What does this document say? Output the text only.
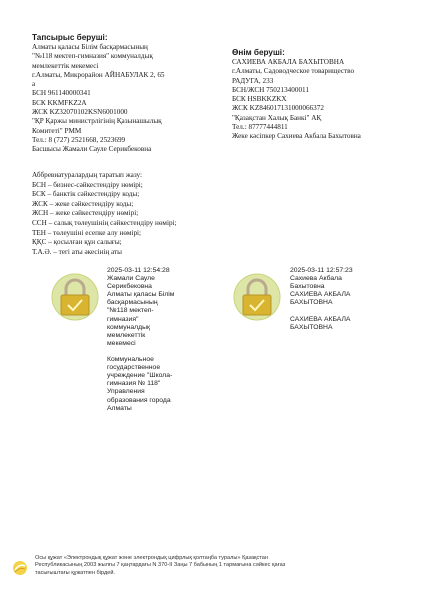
Тапсырыс беруші:
Алматы қаласы Білім басқармасының
"№118 мектеп-гимназия" коммуналдық
мемлекеттік мекемесі
г.Алматы, Микрорайон АЙНАБУЛАК 2, 65
а
БСН 961140000341
БСК KKMFKZ2A
ЖСК KZ32070102KSN6001000
"ҚР Қаржы министрлігінің Қазынашылық
Комитеті" РММ
Тел.: 8 (727) 2521668, 2523699
Басшысы Жамали Сауле Серикбековна
Өнім беруші:
САХИЕВА АКБАЛА БАХЫТОВНА
г.Алматы, Садоводческое товарищество
РАДУГА, 233
БСН/ЖСН 750213400011
БСК HSBKKZKX
ЖСК KZ846017131000066372
"Қазақстан Халық Банкі" АҚ
Тел.: 87777444811
Жеке кәсіпкер Сахиева Акбала Бахытовна
Аббревиатуралардың таратып жазу:
БСН – бизнес-сәйкестендіру нөмірі;
БСК – банктік сәйкестендіру коды;
ЖСК – жеке сәйкестендіру коды;
ЖСН – жеке сәйкестендіру нөмірі;
ССН – салық төлеушінің сәйкестендіру нөмірі;
ТЕН – төлеушіні есепке алу нөмірі;
ҚҚС – қосылған құн салығы;
Т.А.Ә. – тегі аты әкесінің аты
2025-03-11 12:54:28
Жамали Сауле
Серикбековна
Алматы қаласы Білім
басқармасының
"№118 мектеп-
гимназия"
коммуналдық
мемлекеттік
мекемесі

Коммунальное
государственное
учреждение "Школа-
гимназия № 118"
Управления
образования города
Алматы
2025-03-11 12:57:23
Сахиева Акбала
Бахытовна
САХИЕВА АКБАЛА
БАХЫТОВНА

САХИЕВА АКБАЛА
БАХЫТОВНА
Осы құжат «Электрондық құжат және электрондық цифрлық қолтаңба туралы» Қазақстан
Республикасының 2003 жылғы 7 қаңтардағы N 370-II Заңы 7 бабының 1 тармағына сәйкес қағаз
тасығыштағы құжатпен бірдей.
